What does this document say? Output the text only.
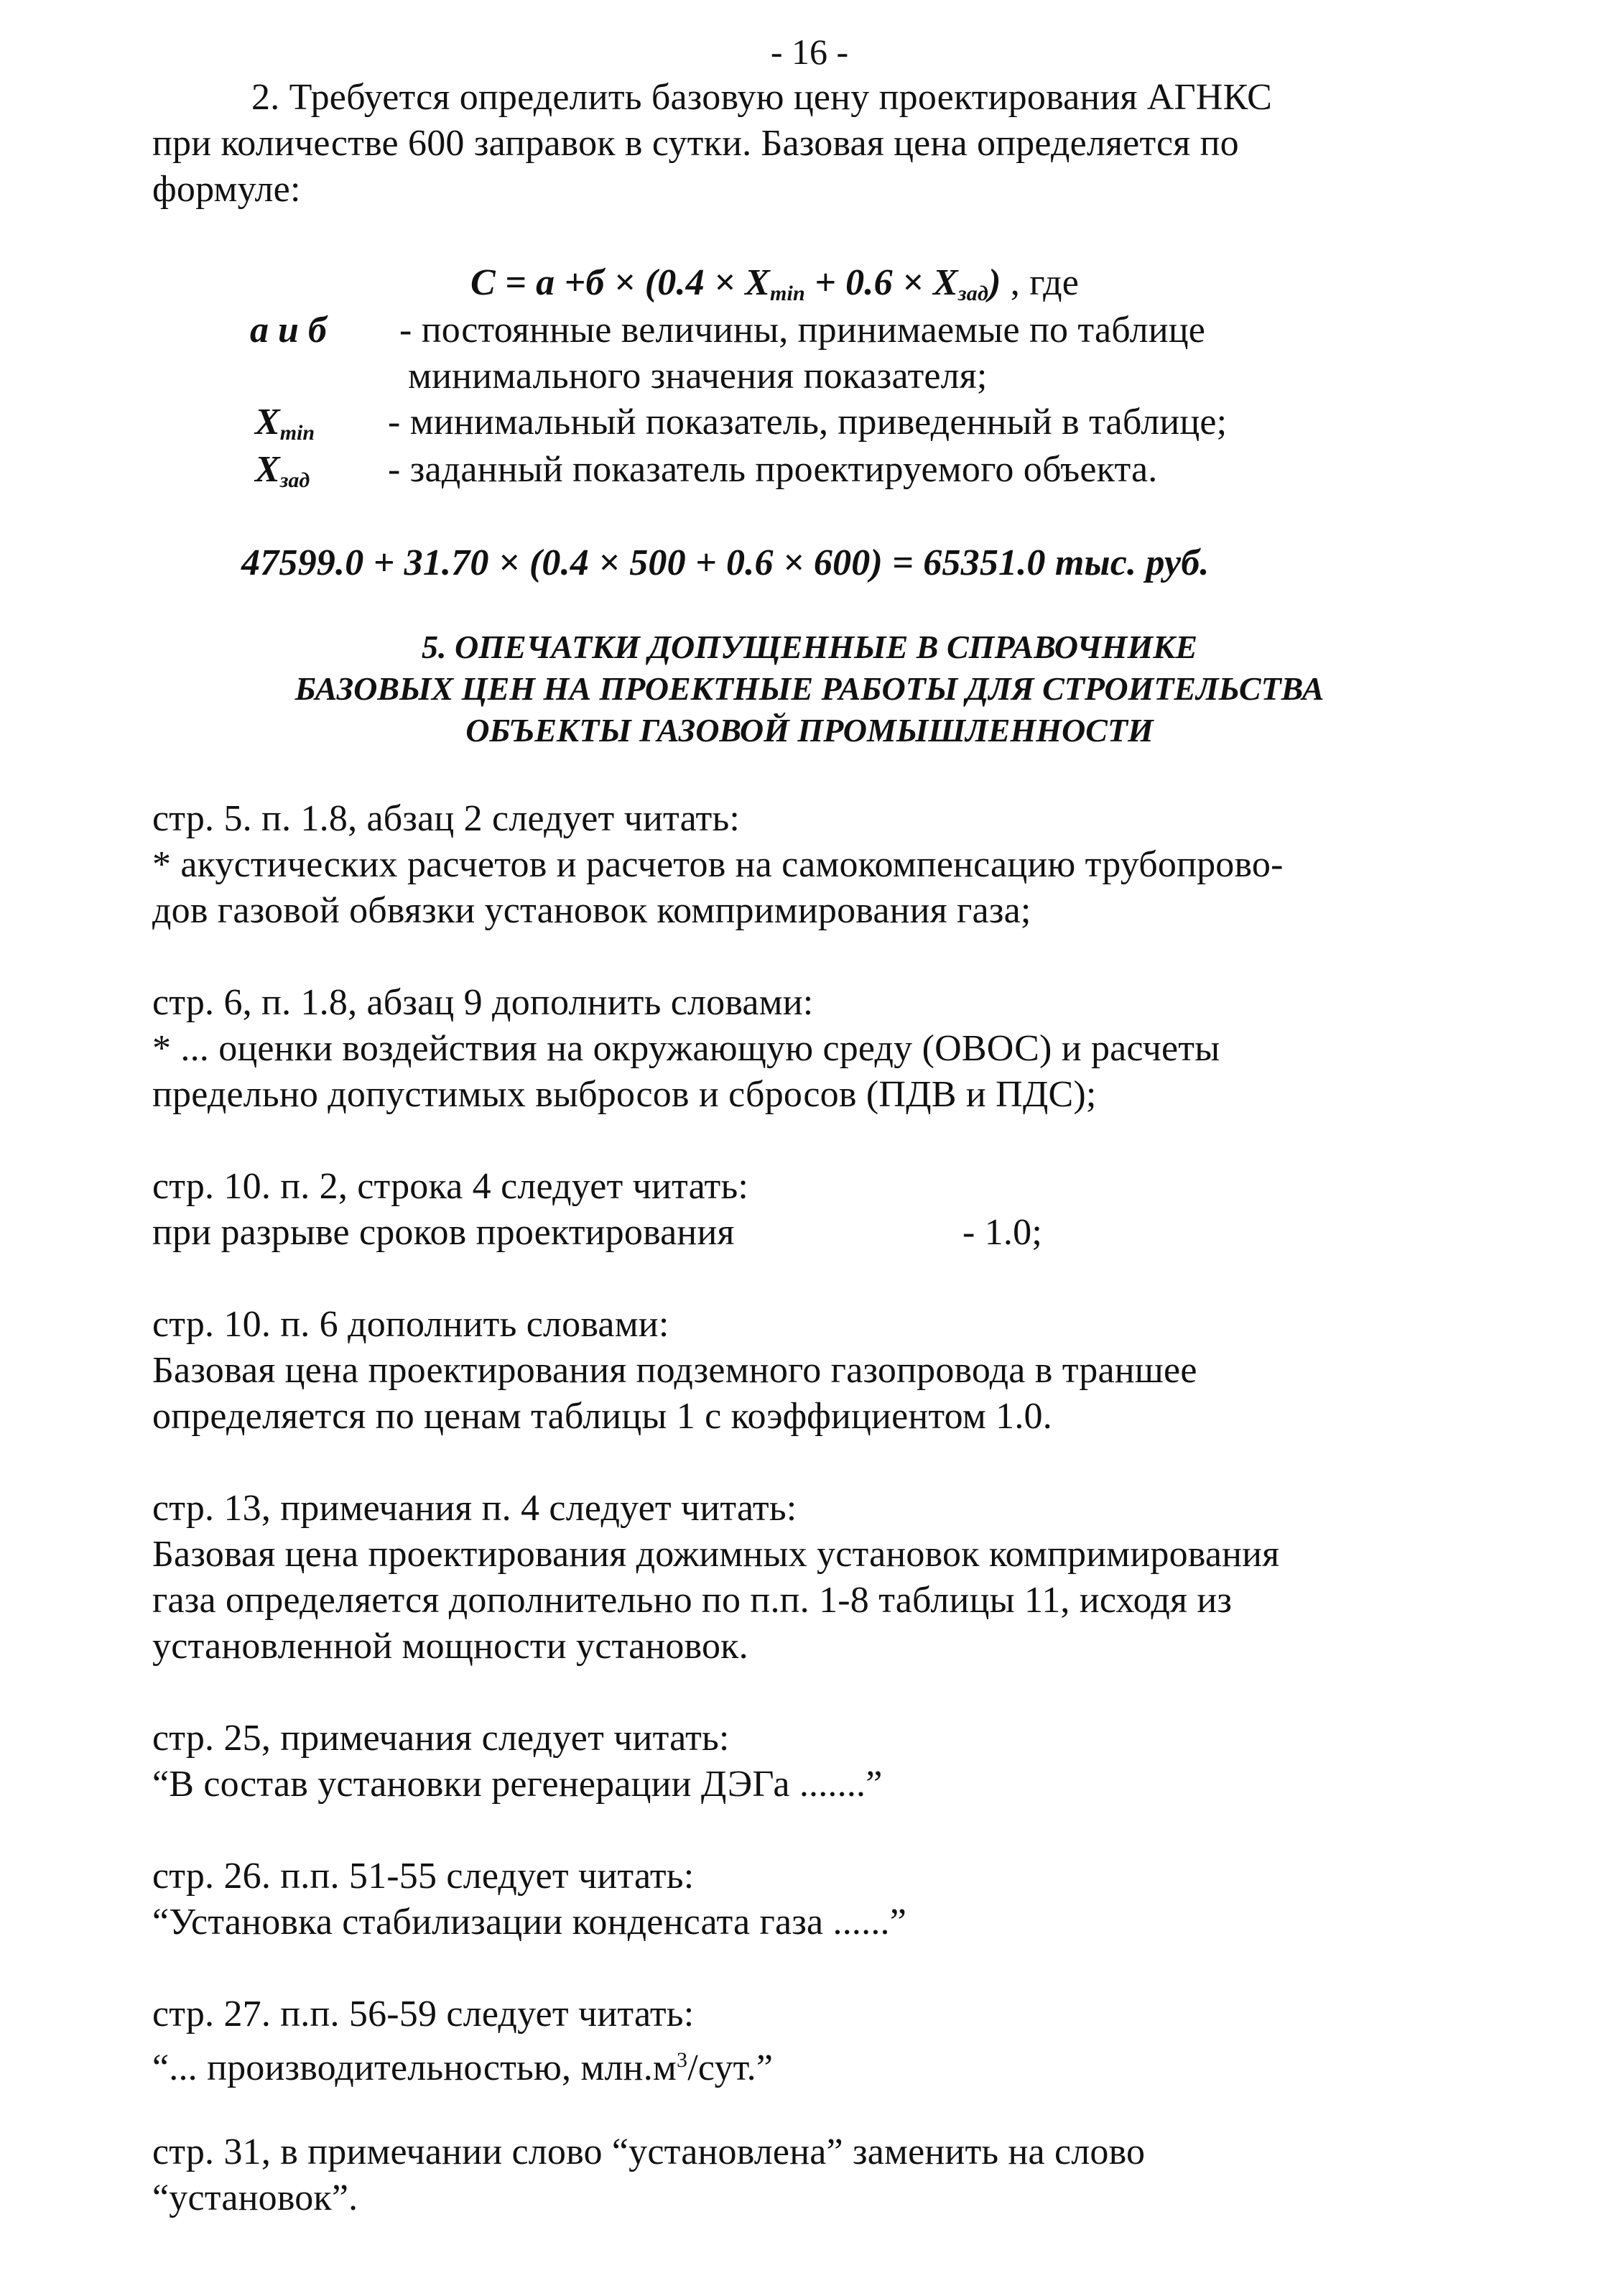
- 16 -
2. Требуется определить базовую цену проектирования АГНКС
при количестве 600 заправок в сутки. Базовая цена определяется по
формуле:
$C = a +б \times (0.4 \times X_{min} + 0.6 \times X_{зад})$ , где
a и б - постоянные величины, принимаемые по таблице
минимального значения показателя;
$X_{min}$ - минимальный показатель, приведенный в таблице;
$X_{зад}$ - заданный показатель проектируемого объекта.
47599.0 + 31.70 × (0.4 × 500 + 0.6 × 600) = 65351.0 тыс. руб.
5. ОПЕЧАТКИ ДОПУЩЕННЫЕ В СПРАВОЧНИКЕ
БАЗОВЫХ ЦЕН НА ПРОЕКТНЫЕ РАБОТЫ ДЛЯ СТРОИТЕЛЬСТВА
ОБЪЕКТЫ ГАЗОВОЙ ПРОМЫШЛЕННОСТИ
стр. 5. п. 1.8, абзац 2 следует читать:
* акустических расчетов и расчетов на самокомпенсацию трубопрово-
дов газовой обвязки установок компримирования газа;
стр. 6, п. 1.8, абзац 9 дополнить словами:
* ... оценки воздействия на окружающую среду (ОВОС) и расчеты
предельно допустимых выбросов и сбросов (ПДВ и ПДС);
стр. 10. п. 2, строка 4 следует читать:
при разрыве сроков проектирования	- 1.0;
стр. 10. п. 6 дополнить словами:
Базовая цена проектирования подземного газопровода в траншее
определяется по ценам таблицы 1 с коэффициентом 1.0.
стр. 13, примечания п. 4 следует читать:
Базовая цена проектирования дожимных установок компримирования
газа определяется дополнительно по п.п. 1-8 таблицы 11, исходя из
установленной мощности установок.
стр. 25, примечания следует читать:
“В состав установки регенерации ДЭГа .......”
стр. 26. п.п. 51-55 следует читать:
“Установка стабилизации конденсата газа ......”
стр. 27. п.п. 56-59 следует читать:
“... производительностью, $млн.м^3$/сут.”
стр. 31, в примечании слово “установлена” заменить на слово
“установок”.
